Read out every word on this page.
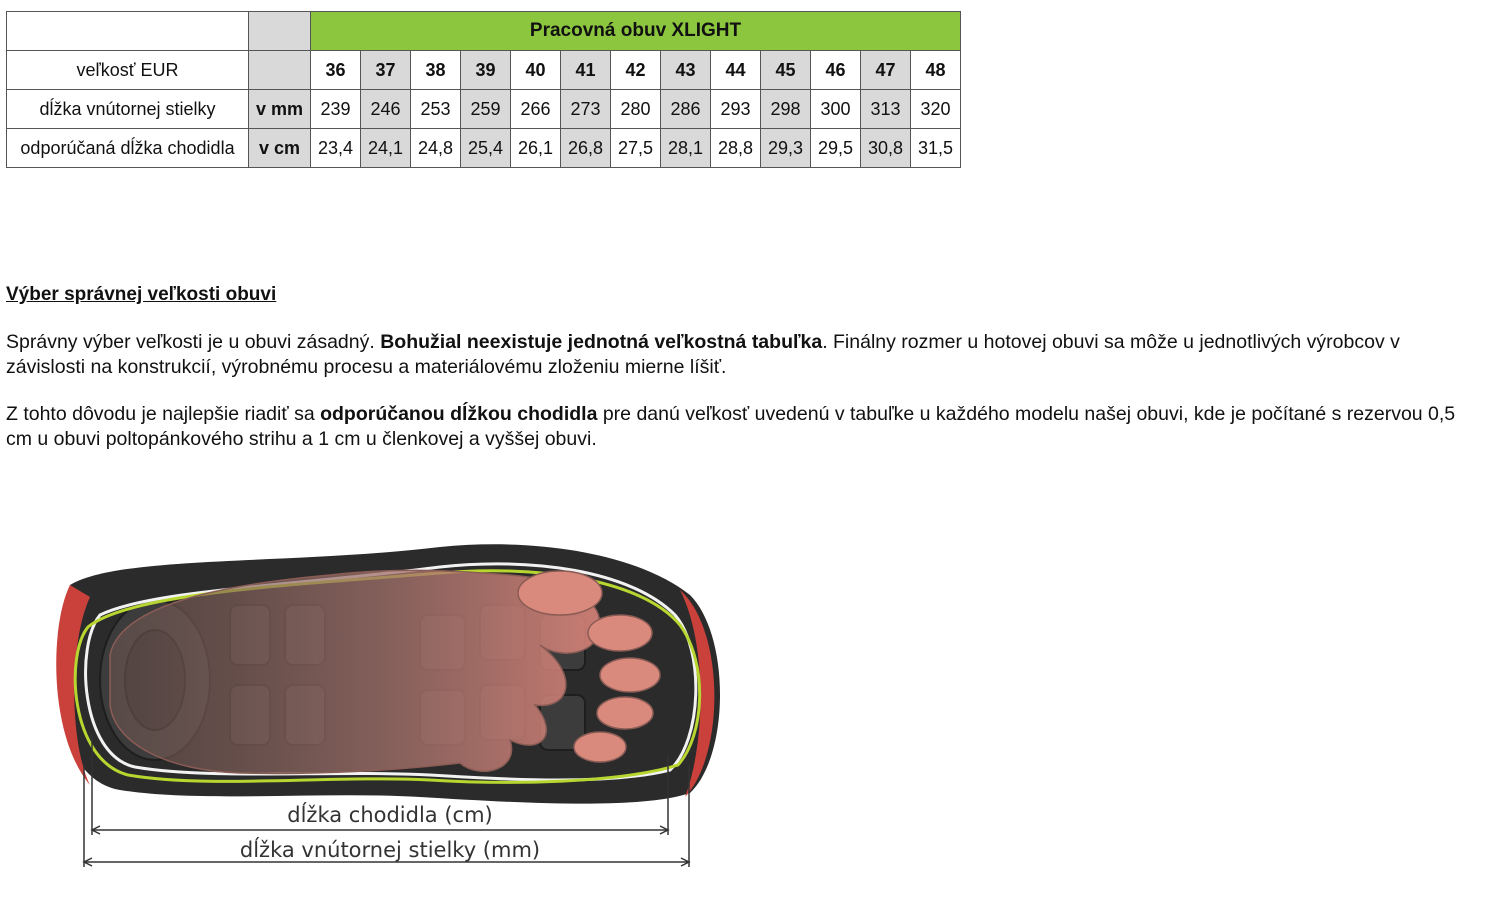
		Pracovná obuv XLIGHT												
veľkosť EUR		36	37	38	39	40	41	42	43	44	45	46	47	48
dĺžka vnútornej stielky	v mm	239	246	253	259	266	273	280	286	293	298	300	313	320
odporúčaná dĺžka chodidla	v cm	23,4	24,1	24,8	25,4	26,1	26,8	27,5	28,1	28,8	29,3	29,5	30,8	31,5

Výber správnej veľkosti obuvi

Správny výber veľkosti je u obuvi zásadný. Bohužial neexistuje jednotná veľkostná tabuľka. Finálny rozmer u hotovej obuvi sa môže u jednotlivých výrobcov v závislosti na konstrukcií, výrobnému procesu a materiálovému zloženiu mierne líšiť.

Z tohto dôvodu je najlepšie riadiť sa odporúčanou dĺžkou chodidla pre danú veľkosť uvedenú v tabuľke u každého modelu našej obuvi, kde je počítané s rezervou 0,5 cm u obuvi poltopánkového strihu a 1 cm u členkovej a vyššej obuvi.

dĺžka chodidla (cm)
dĺžka vnútornej stielky (mm)
